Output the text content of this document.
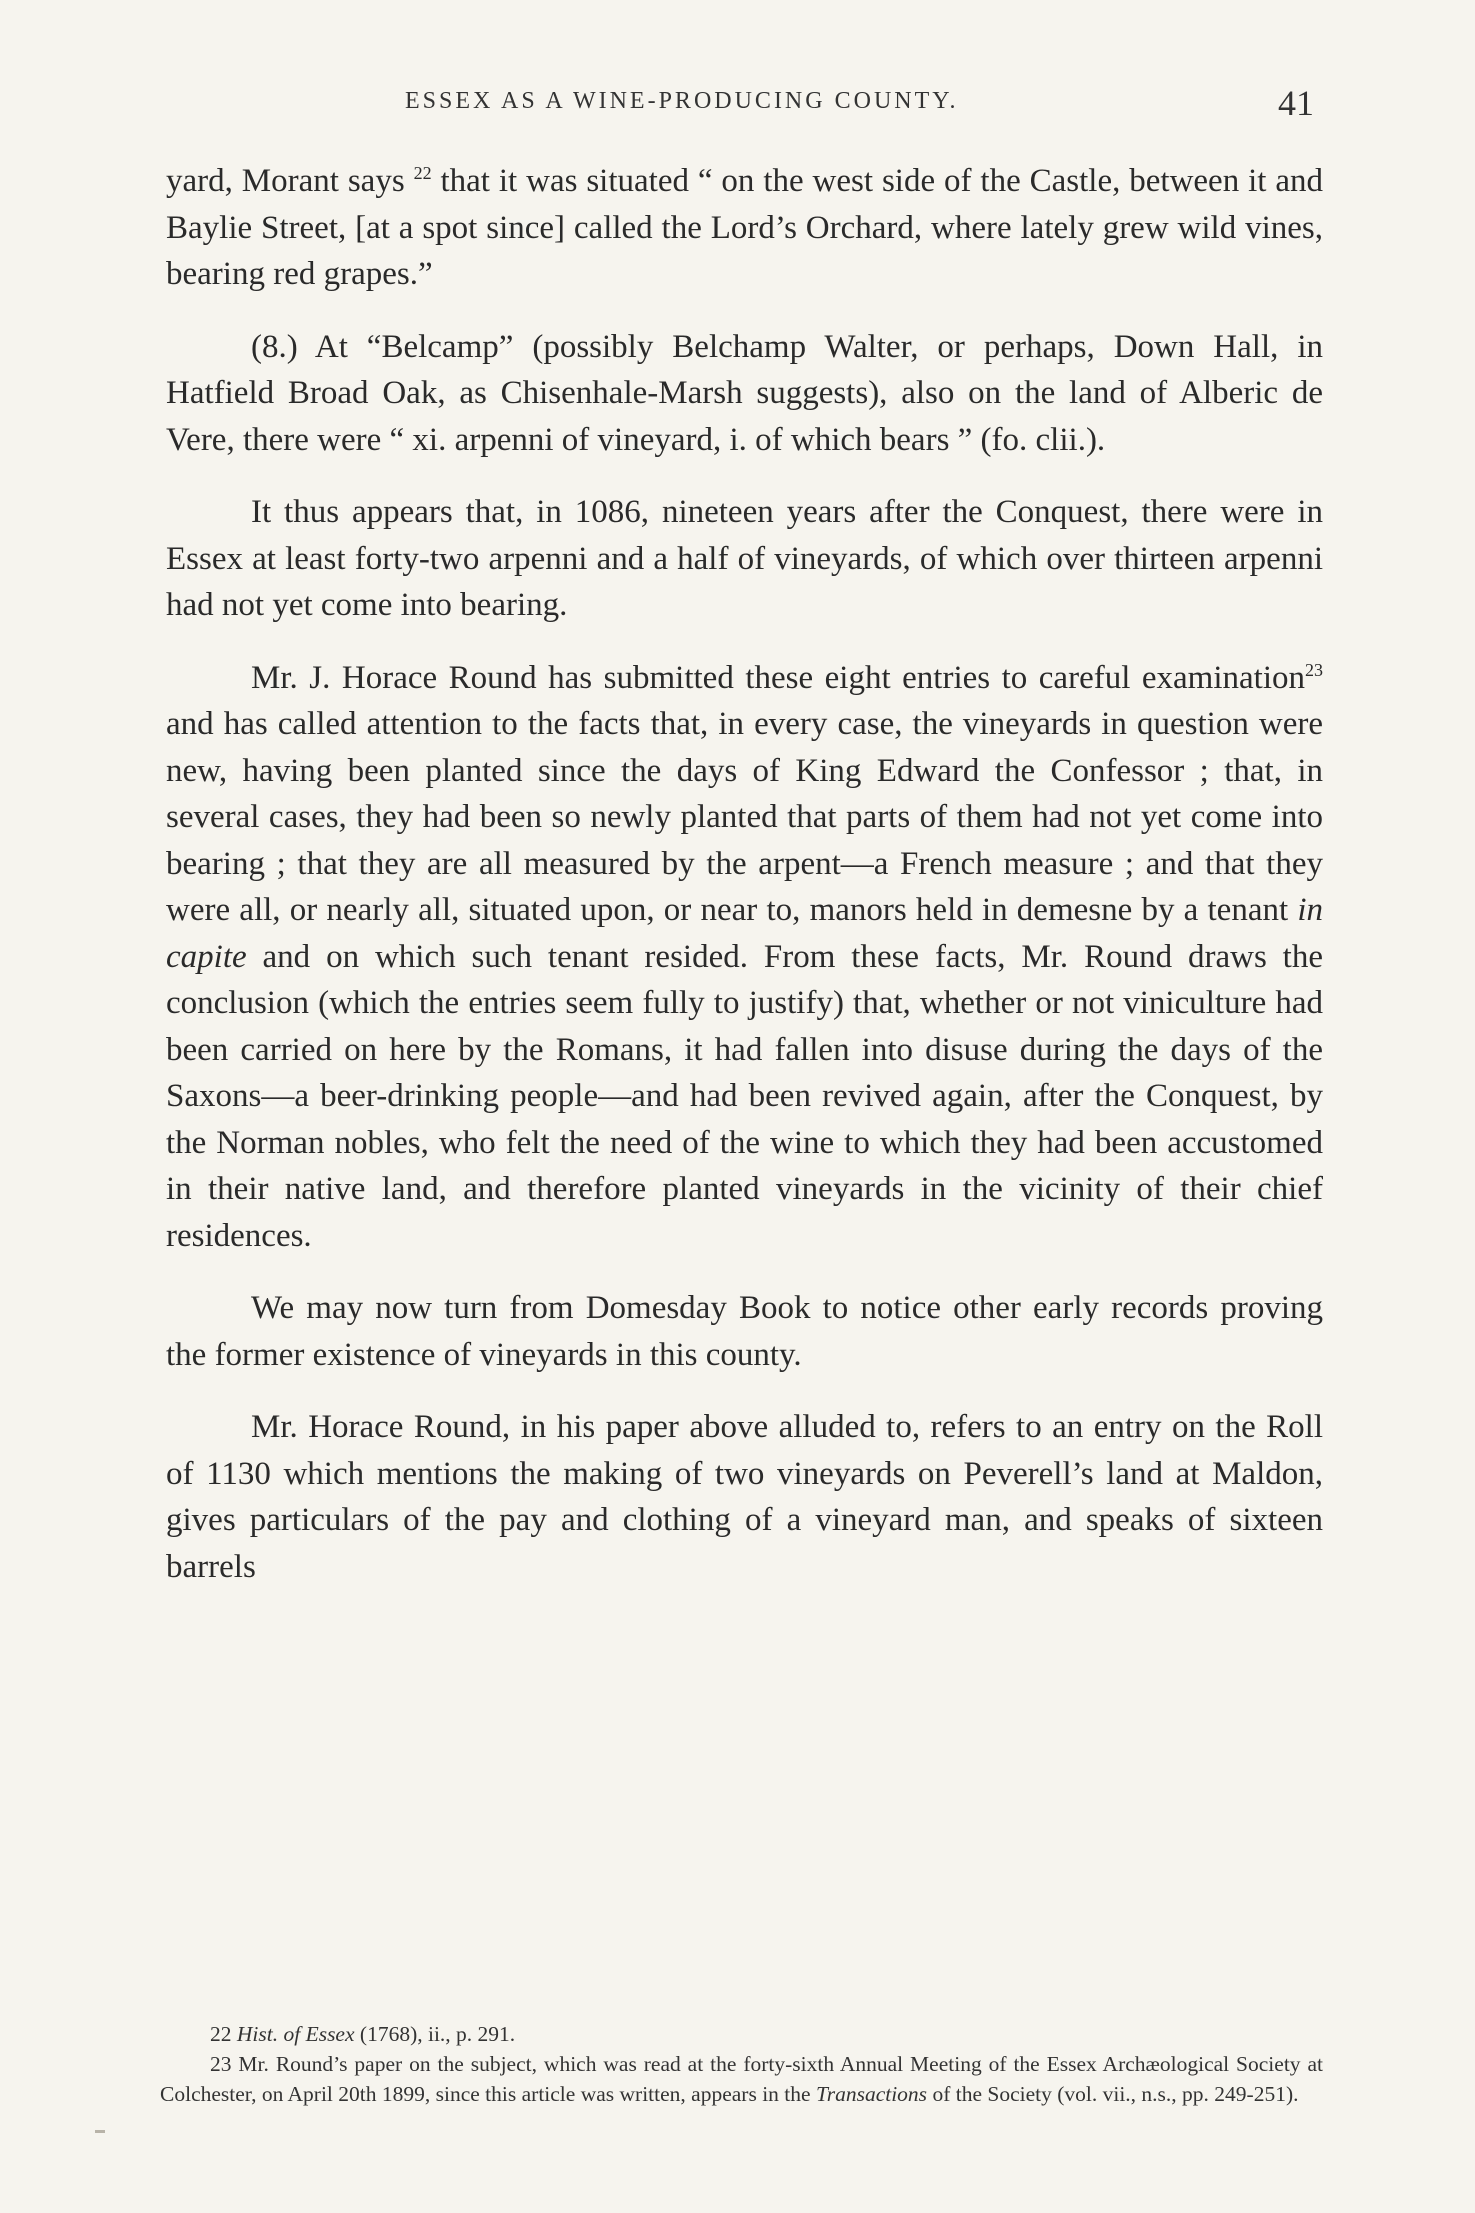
ESSEX AS A WINE-PRODUCING COUNTY.	41

yard, Morant says $^{22}$ that it was situated “ on the west side of the Castle, between it and Baylie Street, [at a spot since] called the Lord’s Orchard, where lately grew wild vines, bearing red grapes.”

(8.) At “Belcamp” (possibly Belchamp Walter, or perhaps, Down Hall, in Hatfield Broad Oak, as Chisenhale-Marsh suggests), also on the land of Alberic de Vere, there were “ xi. arpenni of vineyard, i. of which bears ” (fo. clii.).

It thus appears that, in 1086, nineteen years after the Conquest, there were in Essex at least forty-two arpenni and a half of vineyards, of which over thirteen arpenni had not yet come into bearing.

Mr. J. Horace Round has submitted these eight entries to careful examination$^{23}$ and has called attention to the facts that, in every case, the vineyards in question were new, having been planted since the days of King Edward the Confessor ; that, in several cases, they had been so newly planted that parts of them had not yet come into bearing ; that they are all measured by the arpent—a French measure ; and that they were all, or nearly all, situated upon, or near to, manors held in demesne by a tenant in capite and on which such tenant resided. From these facts, Mr. Round draws the conclusion (which the entries seem fully to justify) that, whether or not viniculture had been carried on here by the Romans, it had fallen into disuse during the days of the Saxons—a beer-drinking people—and had been revived again, after the Conquest, by the Norman nobles, who felt the need of the wine to which they had been accustomed in their native land, and therefore planted vineyards in the vicinity of their chief residences.

We may now turn from Domesday Book to notice other early records proving the former existence of vineyards in this county.

Mr. Horace Round, in his paper above alluded to, refers to an entry on the Roll of 1130 which mentions the making of two vineyards on Peverell’s land at Maldon, gives particulars of the pay and clothing of a vineyard man, and speaks of sixteen barrels

22 Hist. of Essex (1768), ii., p. 291.

23 Mr. Round’s paper on the subject, which was read at the forty-sixth Annual Meeting of the Essex Archæological Society at Colchester, on April 20th 1899, since this article was written, appears in the Transactions of the Society (vol. vii., n.s., pp. 249-251).
